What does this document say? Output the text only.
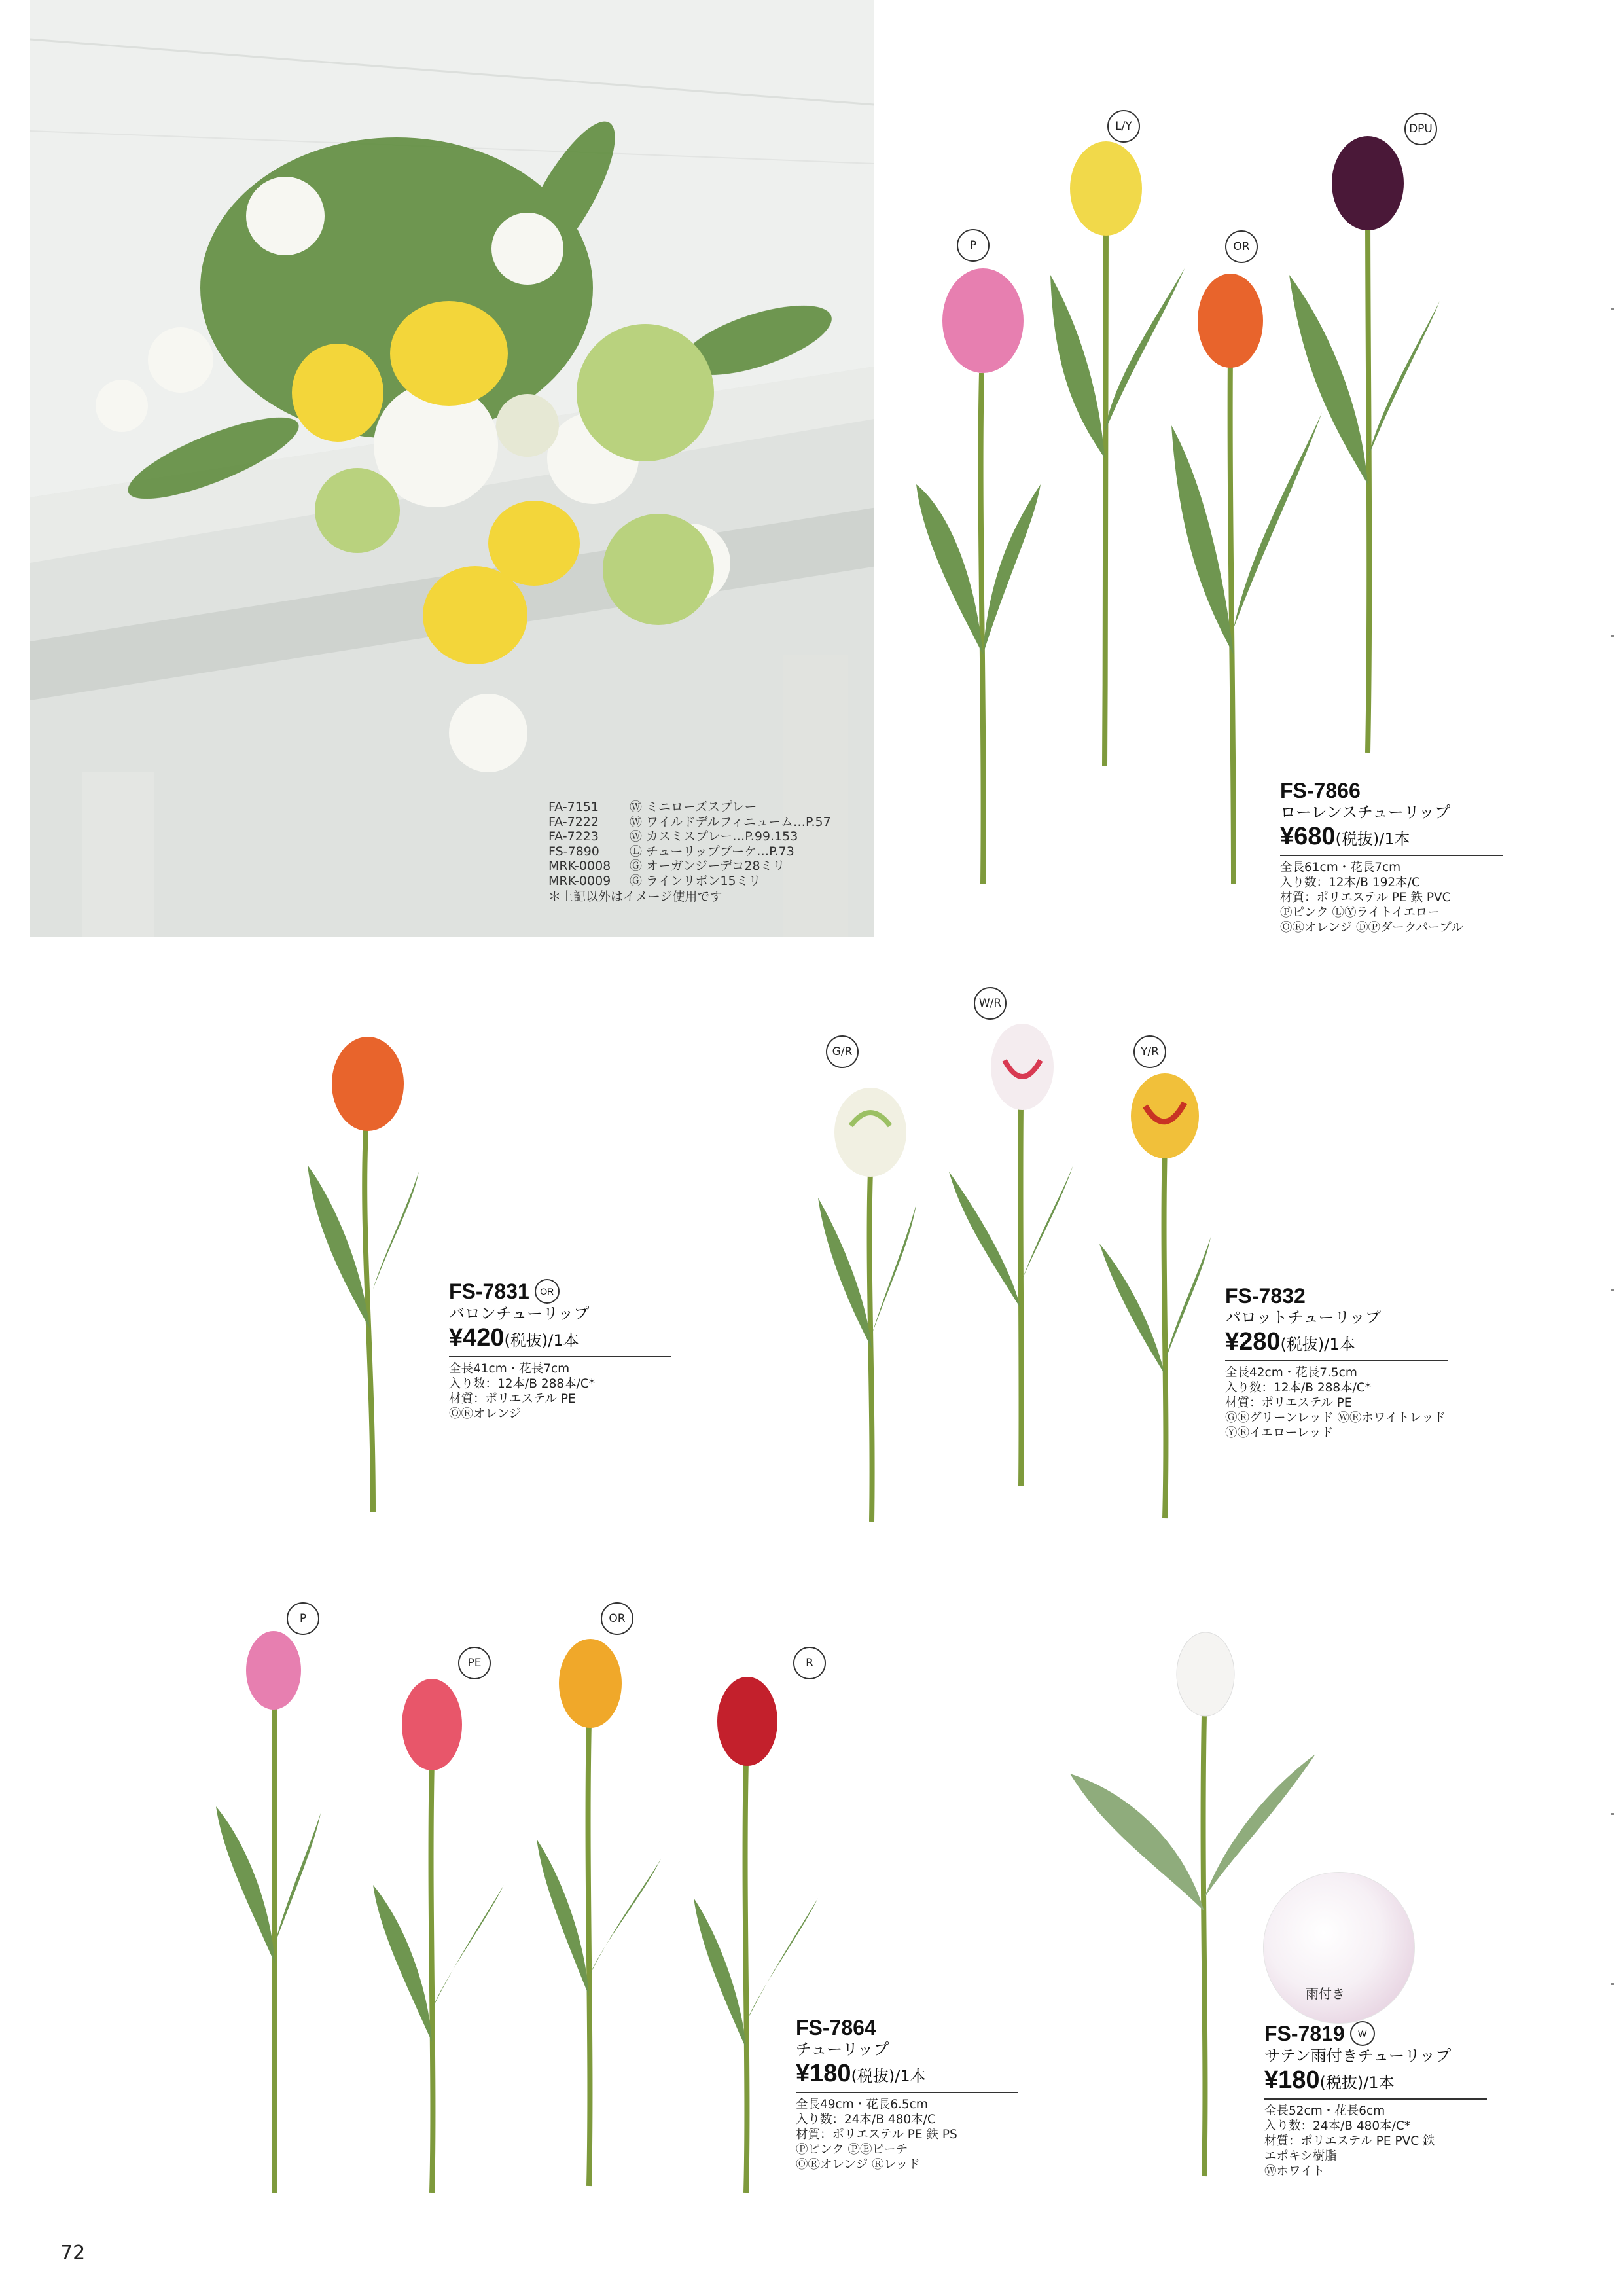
FA-7151	Ⓦ ミニローズスプレー
FA-7222	Ⓦ ワイルドデルフィニューム…P.57
FA-7223	Ⓦ カスミスプレー…P.99.153
FS-7890	Ⓛ チューリップブーケ…P.73
MRK-0008	Ⓖ オーガンジーデコ28ミリ
MRK-0009	Ⓖ ラインリボン15ミリ
＊上記以外はイメージ使用です
P
L/Y
OR
DPU
FS-7866
ローレンスチューリップ
¥680(税抜)/1本
全長61cm・花長7cm
入り数：12本/B 192本/C
材質：ポリエステル PE 鉄 PVC
Ⓟピンク ⓁⓎライトイエロー
ⓄⓇオレンジ ⒹⓅダークパープル
FS-7831	OR
バロンチューリップ
¥420(税抜)/1本
全長41cm・花長7cm
入り数：12本/B 288本/C*
材質：ポリエステル PE
ⓄⓇオレンジ
G/R
W/R
Y/R
FS-7832
パロットチューリップ
¥280(税抜)/1本
全長42cm・花長7.5cm
入り数：12本/B 288本/C*
材質：ポリエステル PE
ⒼⓇグリーンレッド ⓌⓇホワイトレッド
ⓎⓇイエローレッド
P
PE
OR
R
FS-7864
チューリップ
¥180(税抜)/1本
全長49cm・花長6.5cm
入り数：24本/B 480本/C
材質：ポリエステル PE 鉄 PS
Ⓟピンク ⓅⒺピーチ
ⓄⓇオレンジ Ⓡレッド
雨付き
FS-7819	W
サテン雨付きチューリップ
¥180(税抜)/1本
全長52cm・花長6cm
入り数：24本/B 480本/C*
材質：ポリエステル PE PVC 鉄
エポキシ樹脂
Ⓦホワイト
72
